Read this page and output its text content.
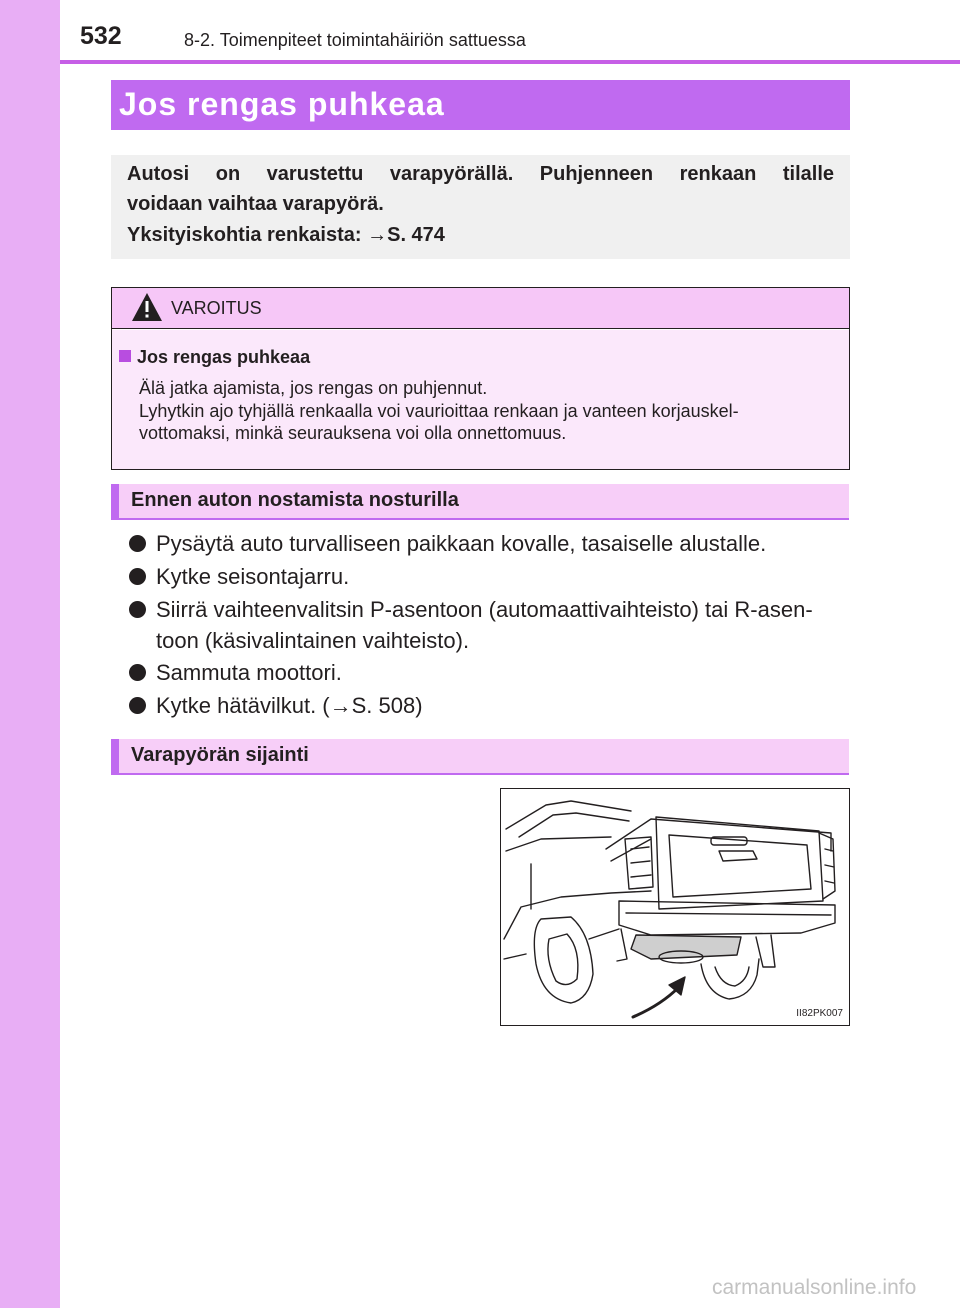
532	8-2. Toimenpiteet toimintahäiriön sattuessa
Jos rengas puhkeaa
Autosi on varustettu varapyörällä. Puhjenneen renkaan tilalle
voidaan vaihtaa varapyörä.
Yksityiskohtia renkaista: →S. 474
VAROITUS
Jos rengas puhkeaa
Älä jatka ajamista, jos rengas on puhjennut.
Lyhytkin ajo tyhjällä renkaalla voi vaurioittaa renkaan ja vanteen korjauskel-
vottomaksi, minkä seurauksena voi olla onnettomuus.
Ennen auton nostamista nosturilla
Pysäytä auto turvalliseen paikkaan kovalle, tasaiselle alustalle.
Kytke seisontajarru.
Siirrä vaihteenvalitsin P-asentoon (automaattivaihteisto) tai R-asen-
toon (käsivalintainen vaihteisto).
Sammuta moottori.
Kytke hätävilkut. (→S. 508)
Varapyörän sijainti
II82PK007
carmanualsonline.info
